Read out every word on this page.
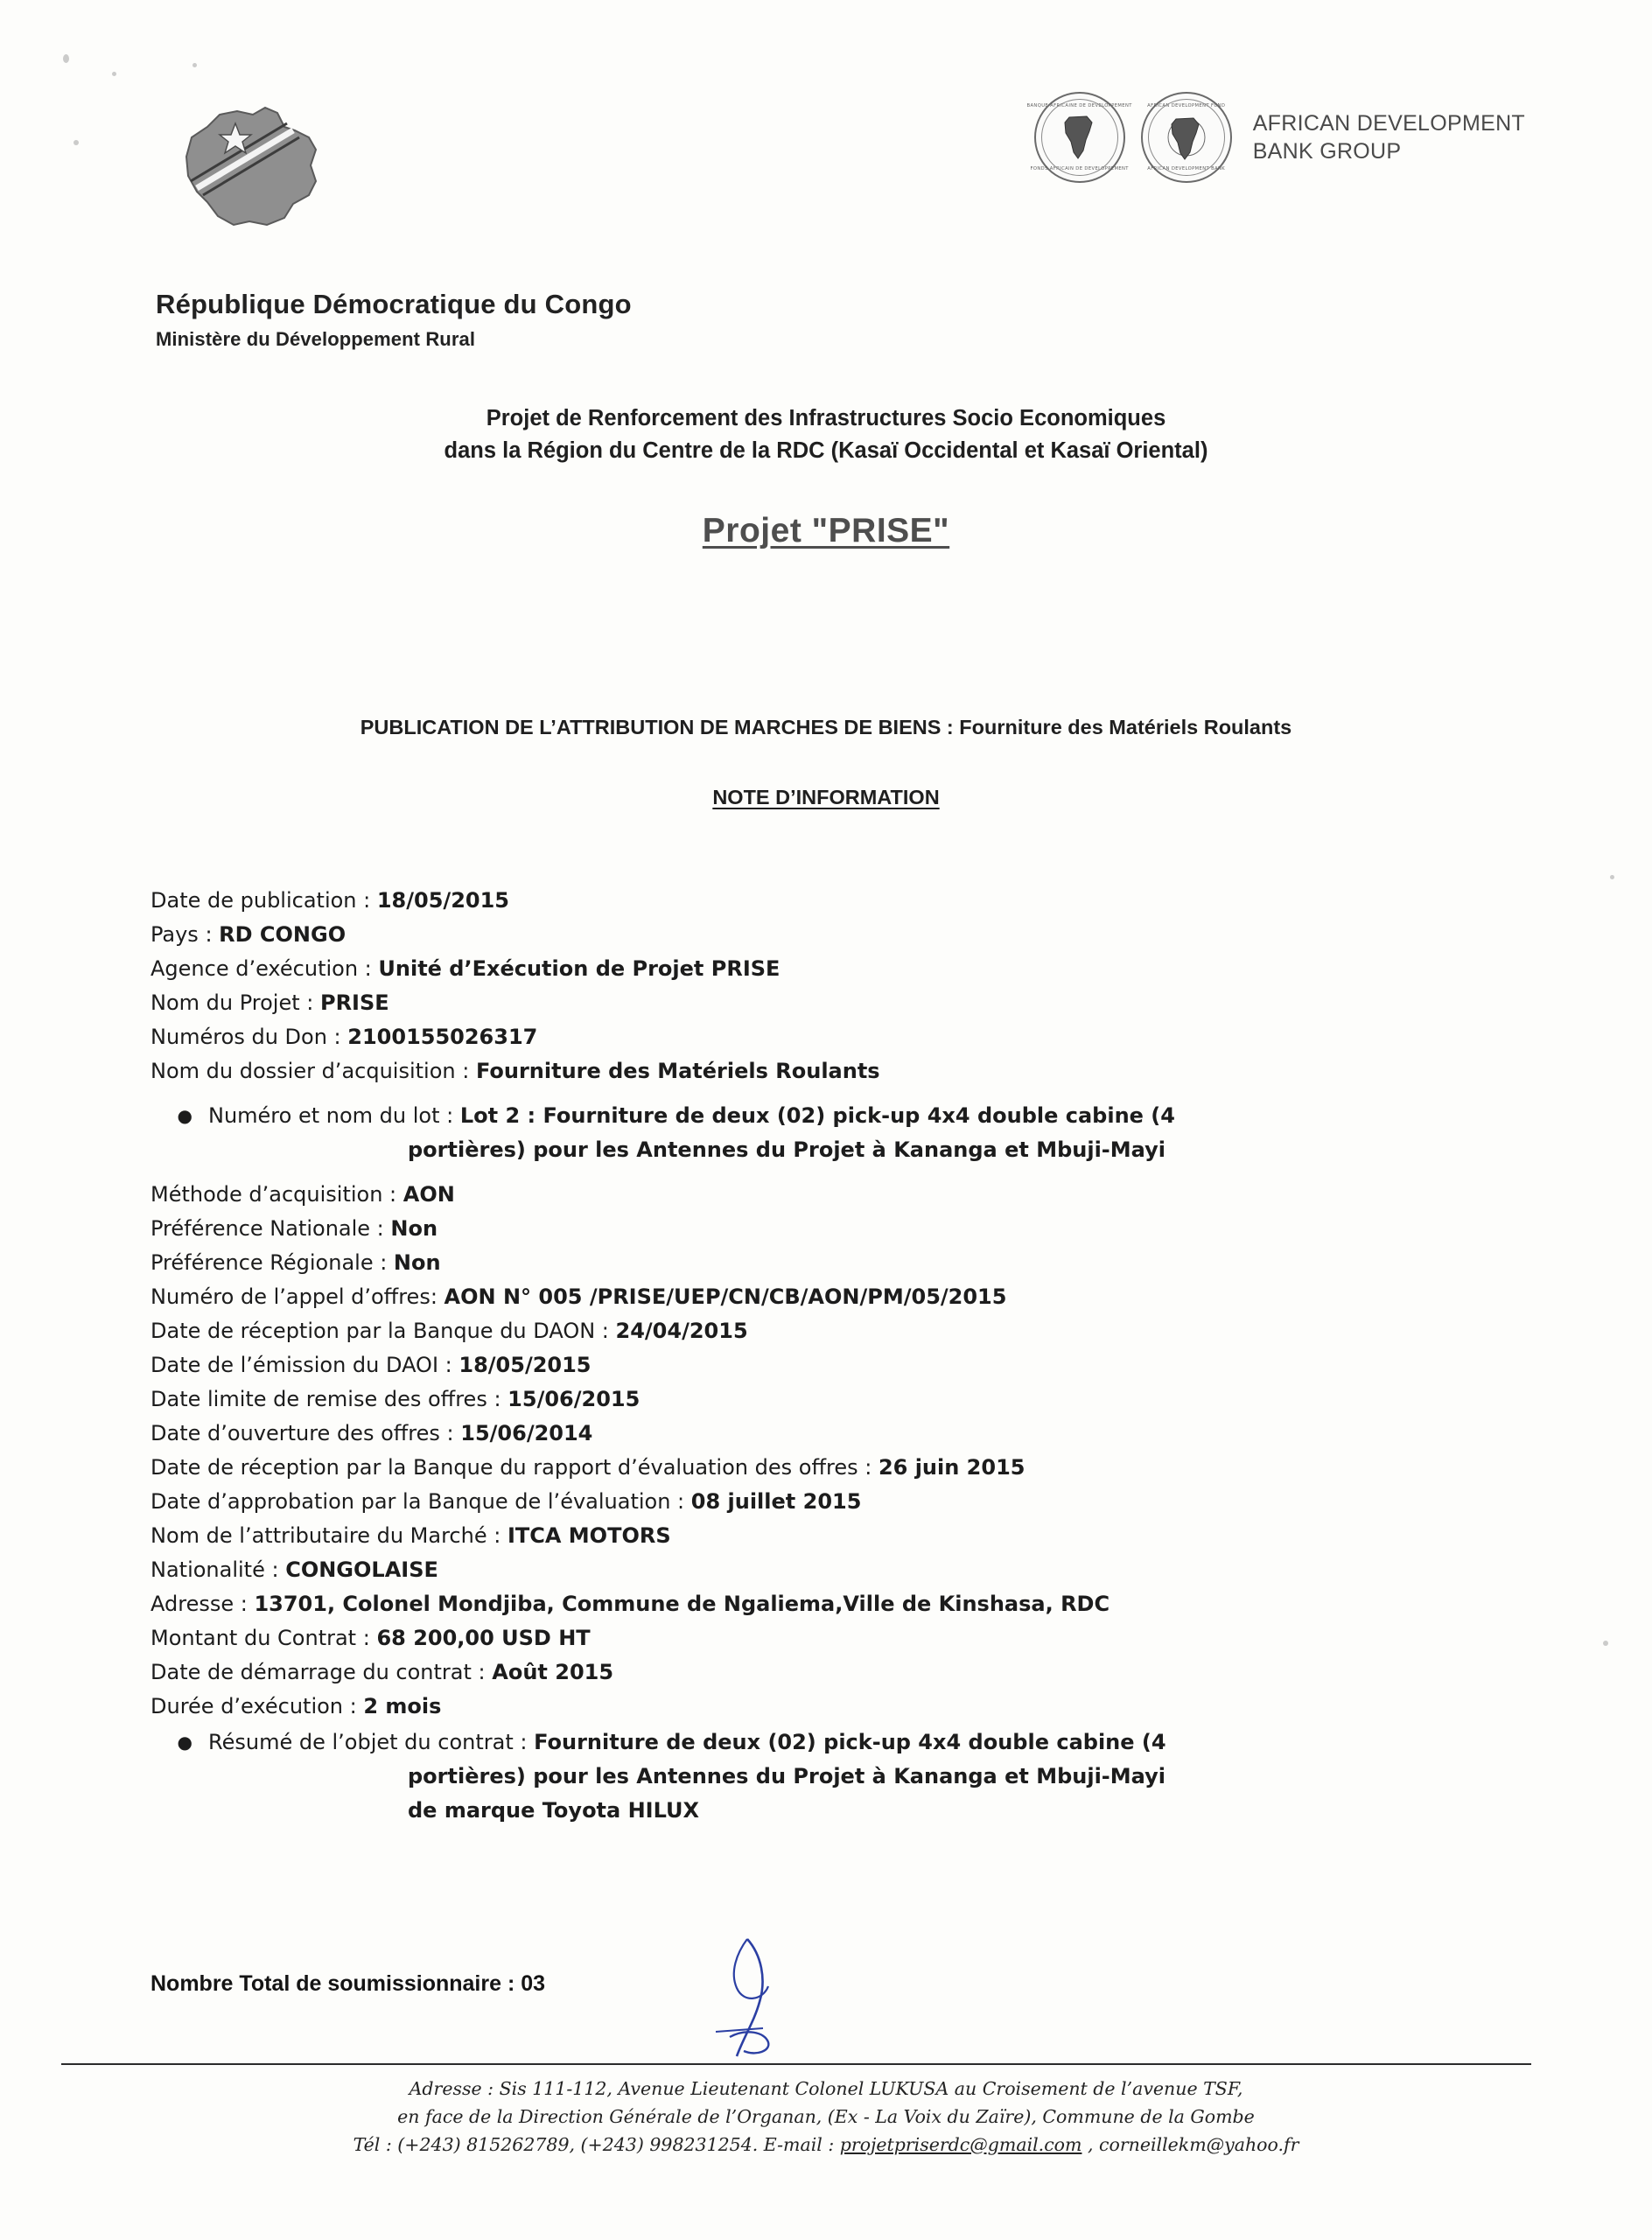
BANQUE AFRICAINE DE DEVELOPPEMENT
FONDS AFRICAIN DE DEVELOPPEMENT
AFRICAN DEVELOPMENT FUND
AFRICAN DEVELOPMENT BANK
AFRICAN DEVELOPMENT
BANK GROUP
République Démocratique du Congo
Ministère du Développement Rural
Projet de Renforcement des Infrastructures Socio Economiques
dans la Région du Centre de la RDC (Kasaï Occidental et Kasaï Oriental)
Projet "PRISE"
PUBLICATION DE L’ATTRIBUTION DE MARCHES DE BIENS : Fourniture des Matériels Roulants
NOTE D’INFORMATION
Date de publication : 18/05/2015
Pays : RD CONGO
Agence d’exécution : Unité d’Exécution de Projet PRISE
Nom du Projet : PRISE
Numéros du Don : 2100155026317
Nom du dossier d’acquisition : Fourniture des Matériels Roulants
● Numéro et nom du lot : Lot 2 : Fourniture de deux (02) pick-up 4x4 double cabine (4
portières) pour les Antennes du Projet à Kananga et Mbuji-Mayi
Méthode d’acquisition : AON
Préférence Nationale : Non
Préférence Régionale : Non
Numéro de l’appel d’offres: AON N° 005 /PRISE/UEP/CN/CB/AON/PM/05/2015
Date de réception par la Banque du DAON : 24/04/2015
Date de l’émission du DAOI : 18/05/2015
Date limite de remise des offres : 15/06/2015
Date d’ouverture des offres : 15/06/2014
Date de réception par la Banque du rapport d’évaluation des offres : 26 juin 2015
Date d’approbation par la Banque de l’évaluation : 08 juillet 2015
Nom de l’attributaire du Marché : ITCA MOTORS
Nationalité : CONGOLAISE
Adresse : 13701, Colonel Mondjiba, Commune de Ngaliema,Ville de Kinshasa, RDC
Montant du Contrat : 68 200,00 USD HT
Date de démarrage du contrat : Août 2015
Durée d’exécution : 2 mois
● Résumé de l’objet du contrat : Fourniture de deux (02) pick-up 4x4 double cabine (4
portières) pour les Antennes du Projet à Kananga et Mbuji-Mayi
de marque Toyota HILUX
Nombre Total de soumissionnaire : 03
Adresse : Sis 111-112, Avenue Lieutenant Colonel LUKUSA au Croisement de l’avenue TSF,
en face de la Direction Générale de l’Organan, (Ex - La Voix du Zaïre), Commune de la Gombe
Tél : (+243) 815262789, (+243) 998231254. E-mail : projetpriserdc@gmail.com , corneillekm@yahoo.fr
